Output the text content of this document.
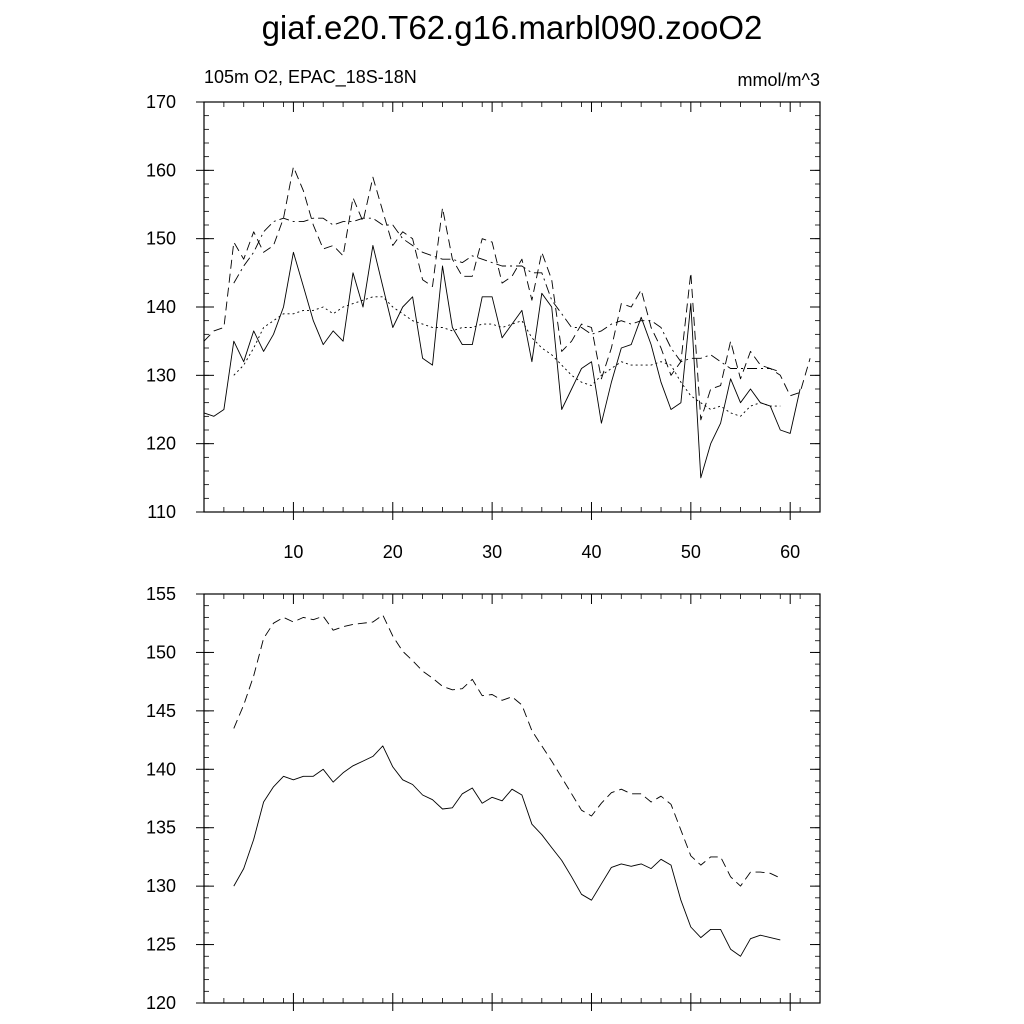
giaf.e20.T62.g16.marbl090.zooO2
105m O2, EPAC_18S-18N	mmol/m^3
110
120
130
140
150
160
170
10	20	30	40	50	60
120
125
130
135
140
145
150
155
